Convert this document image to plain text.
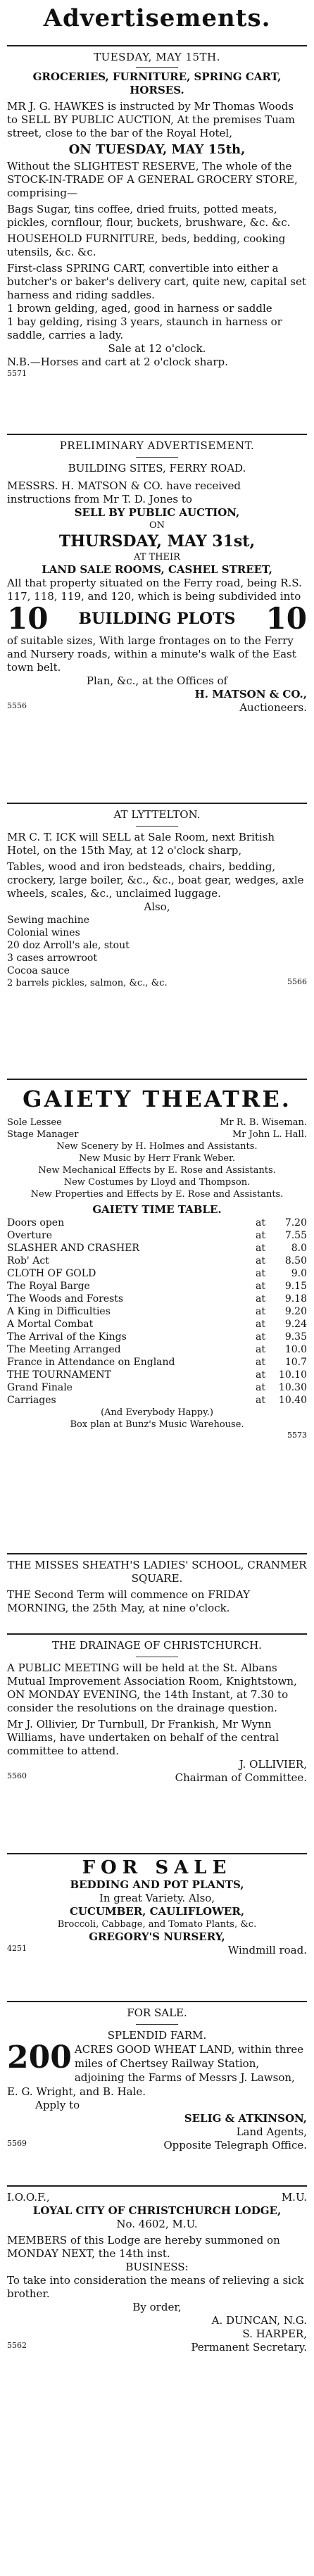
Advertisements.
TUESDAY, MAY 15TH.
GROCERIES, FURNITURE, SPRING CART, HORSES.
MR J. G. HAWKES is instructed by Mr Thomas Woods to SELL BY PUBLIC AUCTION, At the premises Tuam street, close to the bar of the Royal Hotel,
ON TUESDAY, MAY 15th,
Without the SLIGHTEST RESERVE, The whole of the STOCK-IN-TRADE OF A GENERAL GROCERY STORE, comprising—
Bags Sugar, tins coffee, dried fruits, potted meats, pickles, cornflour, flour, buckets, brushware, &c. &c.
HOUSEHOLD FURNITURE, beds, bedding, cooking utensils, &c. &c.
First-class SPRING CART, convertible into either a butcher's or baker's delivery cart, quite new, capital set harness and riding saddles.
1 brown gelding, aged, good in harness or saddle
1 bay gelding, rising 3 years, staunch in harness or saddle, carries a lady.
Sale at 12 o'clock.
N.B.—Horses and cart at 2 o'clock sharp.
5571
PRELIMINARY ADVERTISEMENT.
BUILDING SITES, FERRY ROAD.
MESSRS. H. MATSON & CO. have received instructions from Mr T. D. Jones to
SELL BY PUBLIC AUCTION,
ON
THURSDAY, MAY 31st,
AT THEIR
LAND SALE ROOMS, CASHEL STREET,
All that property situated on the Ferry road, being R.S. 117, 118, 119, and 120, which is being subdivided into
10 BUILDING PLOTS 10
of suitable sizes, With large frontages on to the Ferry and Nursery roads, within a minute's walk of the East town belt.
Plan, &c., at the Offices of
H. MATSON & CO.,
5556	Auctioneers.
AT LYTTELTON.
MR C. T. ICK will SELL at Sale Room, next British Hotel, on the 15th May, at 12 o'clock sharp,
Tables, wood and iron bedsteads, chairs, bedding, crockery, large boiler, &c., &c., boat gear, wedges, axle wheels, scales, &c., unclaimed luggage.
Also,
Sewing machine
Colonial wines
20 doz Arroll's ale, stout
3 cases arrowroot
Cocoa sauce
2 barrels pickles, salmon, &c., &c.	5566
GAIETY THEATRE.
Sole Lessee	Mr R. B. Wiseman.
Stage Manager	Mr John L. Hall.
New Scenery by H. Holmes and Assistants.
New Music by Herr Frank Weber.
New Mechanical Effects by E. Rose and Assistants.
New Costumes by Lloyd and Thompson.
New Properties and Effects by E. Rose and Assistants.
GAIETY TIME TABLE.
Doors open	at	7.20
Overture	at	7.55
SLASHER AND CRASHER	at	8.0
Rob' Act	at	8.50
CLOTH OF GOLD	at	9.0
The Royal Barge	at	9.15
The Woods and Forests	at	9.18
A King in Difficulties	at	9.20
A Mortal Combat	at	9.24
The Arrival of the Kings	at	9.35
The Meeting Arranged	at	10.0
France in Attendance on England	at	10.7
THE TOURNAMENT	at	10.10
Grand Finale	at	10.30
Carriages	at	10.40
(And Everybody Happy.)
Box plan at Bunz's Music Warehouse.
5573
THE MISSES SHEATH'S LADIES' SCHOOL, CRANMER SQUARE.
THE Second Term will commence on FRIDAY MORNING, the 25th May, at nine o'clock.
THE DRAINAGE OF CHRISTCHURCH.
A PUBLIC MEETING will be held at the St. Albans Mutual Improvement Association Room, Knightstown, ON MONDAY EVENING, the 14th Instant, at 7.30 to consider the resolutions on the drainage question.
Mr J. Ollivier, Dr Turnbull, Dr Frankish, Mr Wynn Williams, have undertaken on behalf of the central committee to attend.
J. OLLIVIER,
5560	Chairman of Committee.
FOR SALE
BEDDING AND POT PLANTS,
In great Variety. Also,
CUCUMBER, CAULIFLOWER,
Broccoli, Cabbage, and Tomato Plants, &c.
GREGORY'S NURSERY,
4251	Windmill road.
FOR SALE.
SPLENDID FARM.
200 ACRES GOOD WHEAT LAND, within three miles of Chertsey Railway Station, adjoining the Farms of Messrs J. Lawson, E. G. Wright, and B. Hale.
Apply to
SELIG & ATKINSON,
Land Agents,
5569	Opposite Telegraph Office.
I.O.O.F.,	M.U.
LOYAL CITY OF CHRISTCHURCH LODGE,
No. 4602, M.U.
MEMBERS of this Lodge are hereby summoned on MONDAY NEXT, the 14th inst.
BUSINESS:
To take into consideration the means of relieving a sick brother.
By order,
A. DUNCAN, N.G.
S. HARPER,
5562	Permanent Secretary.
